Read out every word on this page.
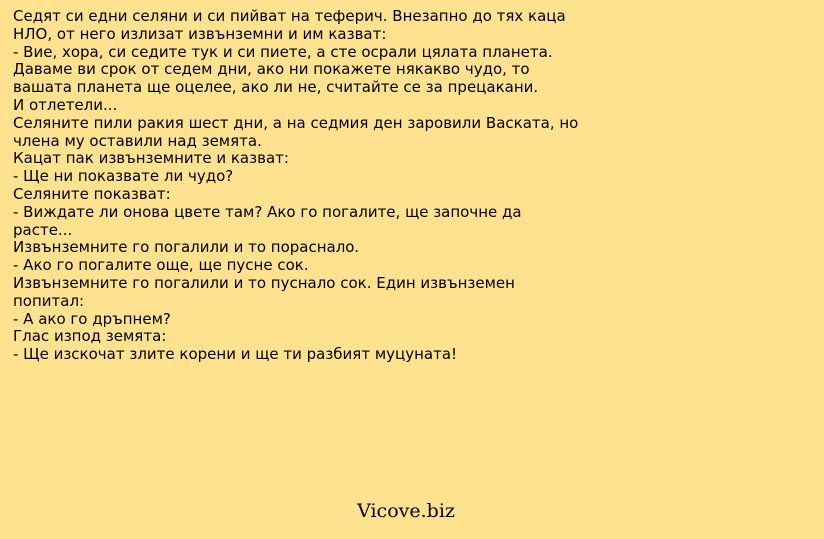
Седят си едни селяни и си пийват на теферич. Внезапно до тях кацa НЛО, от него излизат извънземни и им казват:
- Вие, хора, си седите тук и си пиете, а сте осрали цялата планета. Даваме ви срок от седем дни, ако ни покажете някакво чудо, то вашата планета ще оцелее, ако ли не, считайте се за прецакани.
И отлетели...
Селяните пили ракия шест дни, а на седмия ден заровили Васката, но члена му оставили над земята.
Кацат пак извънземните и казват:
- Ще ни показвате ли чудо?
Селяните показват:
- Виждате ли онова цвете там? Ако го погалите, ще започне да расте...
Извънземните го погалили и то порасналo.
- Ако го погалите още, ще пусне сок.
Извънземните го погалили и то пуснало сок. Един извънземен попитал:
- А ако го дръпнем?
Глас изпод земята:
- Ще изскочат злите корени и ще ти разбият муцуната!
Vicove.biz
